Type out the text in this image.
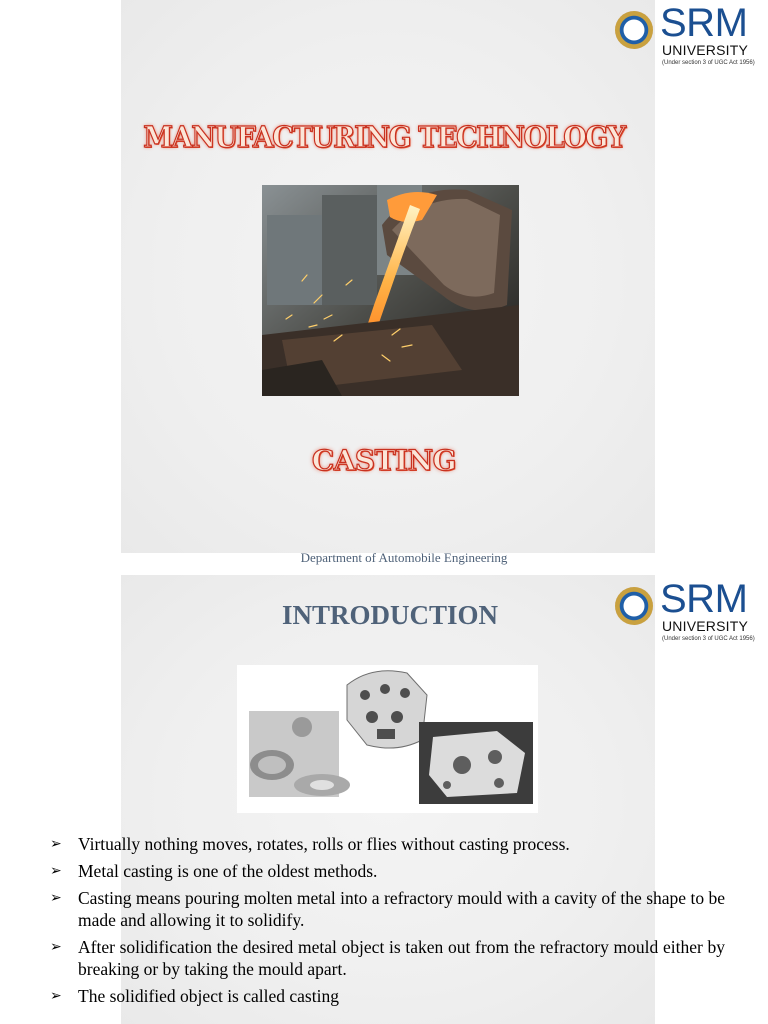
SRM
UNIVERSITY
(Under section 3 of UGC Act 1956)
MANUFACTURING TECHNOLOGY
CASTING
Department of Automobile Engineering
SRM
UNIVERSITY
(Under section 3 of UGC Act 1956)
INTRODUCTION
➢ Virtually nothing moves, rotates, rolls or flies without casting process.
➢ Metal casting is one of the oldest methods.
➢ Casting means pouring molten metal into a refractory mould with a cavity of the shape to be made and allowing it to solidify.
➢ After solidification the desired metal object is taken out from the refractory mould either by breaking or by taking the mould apart.
➢ The solidified object is called casting
